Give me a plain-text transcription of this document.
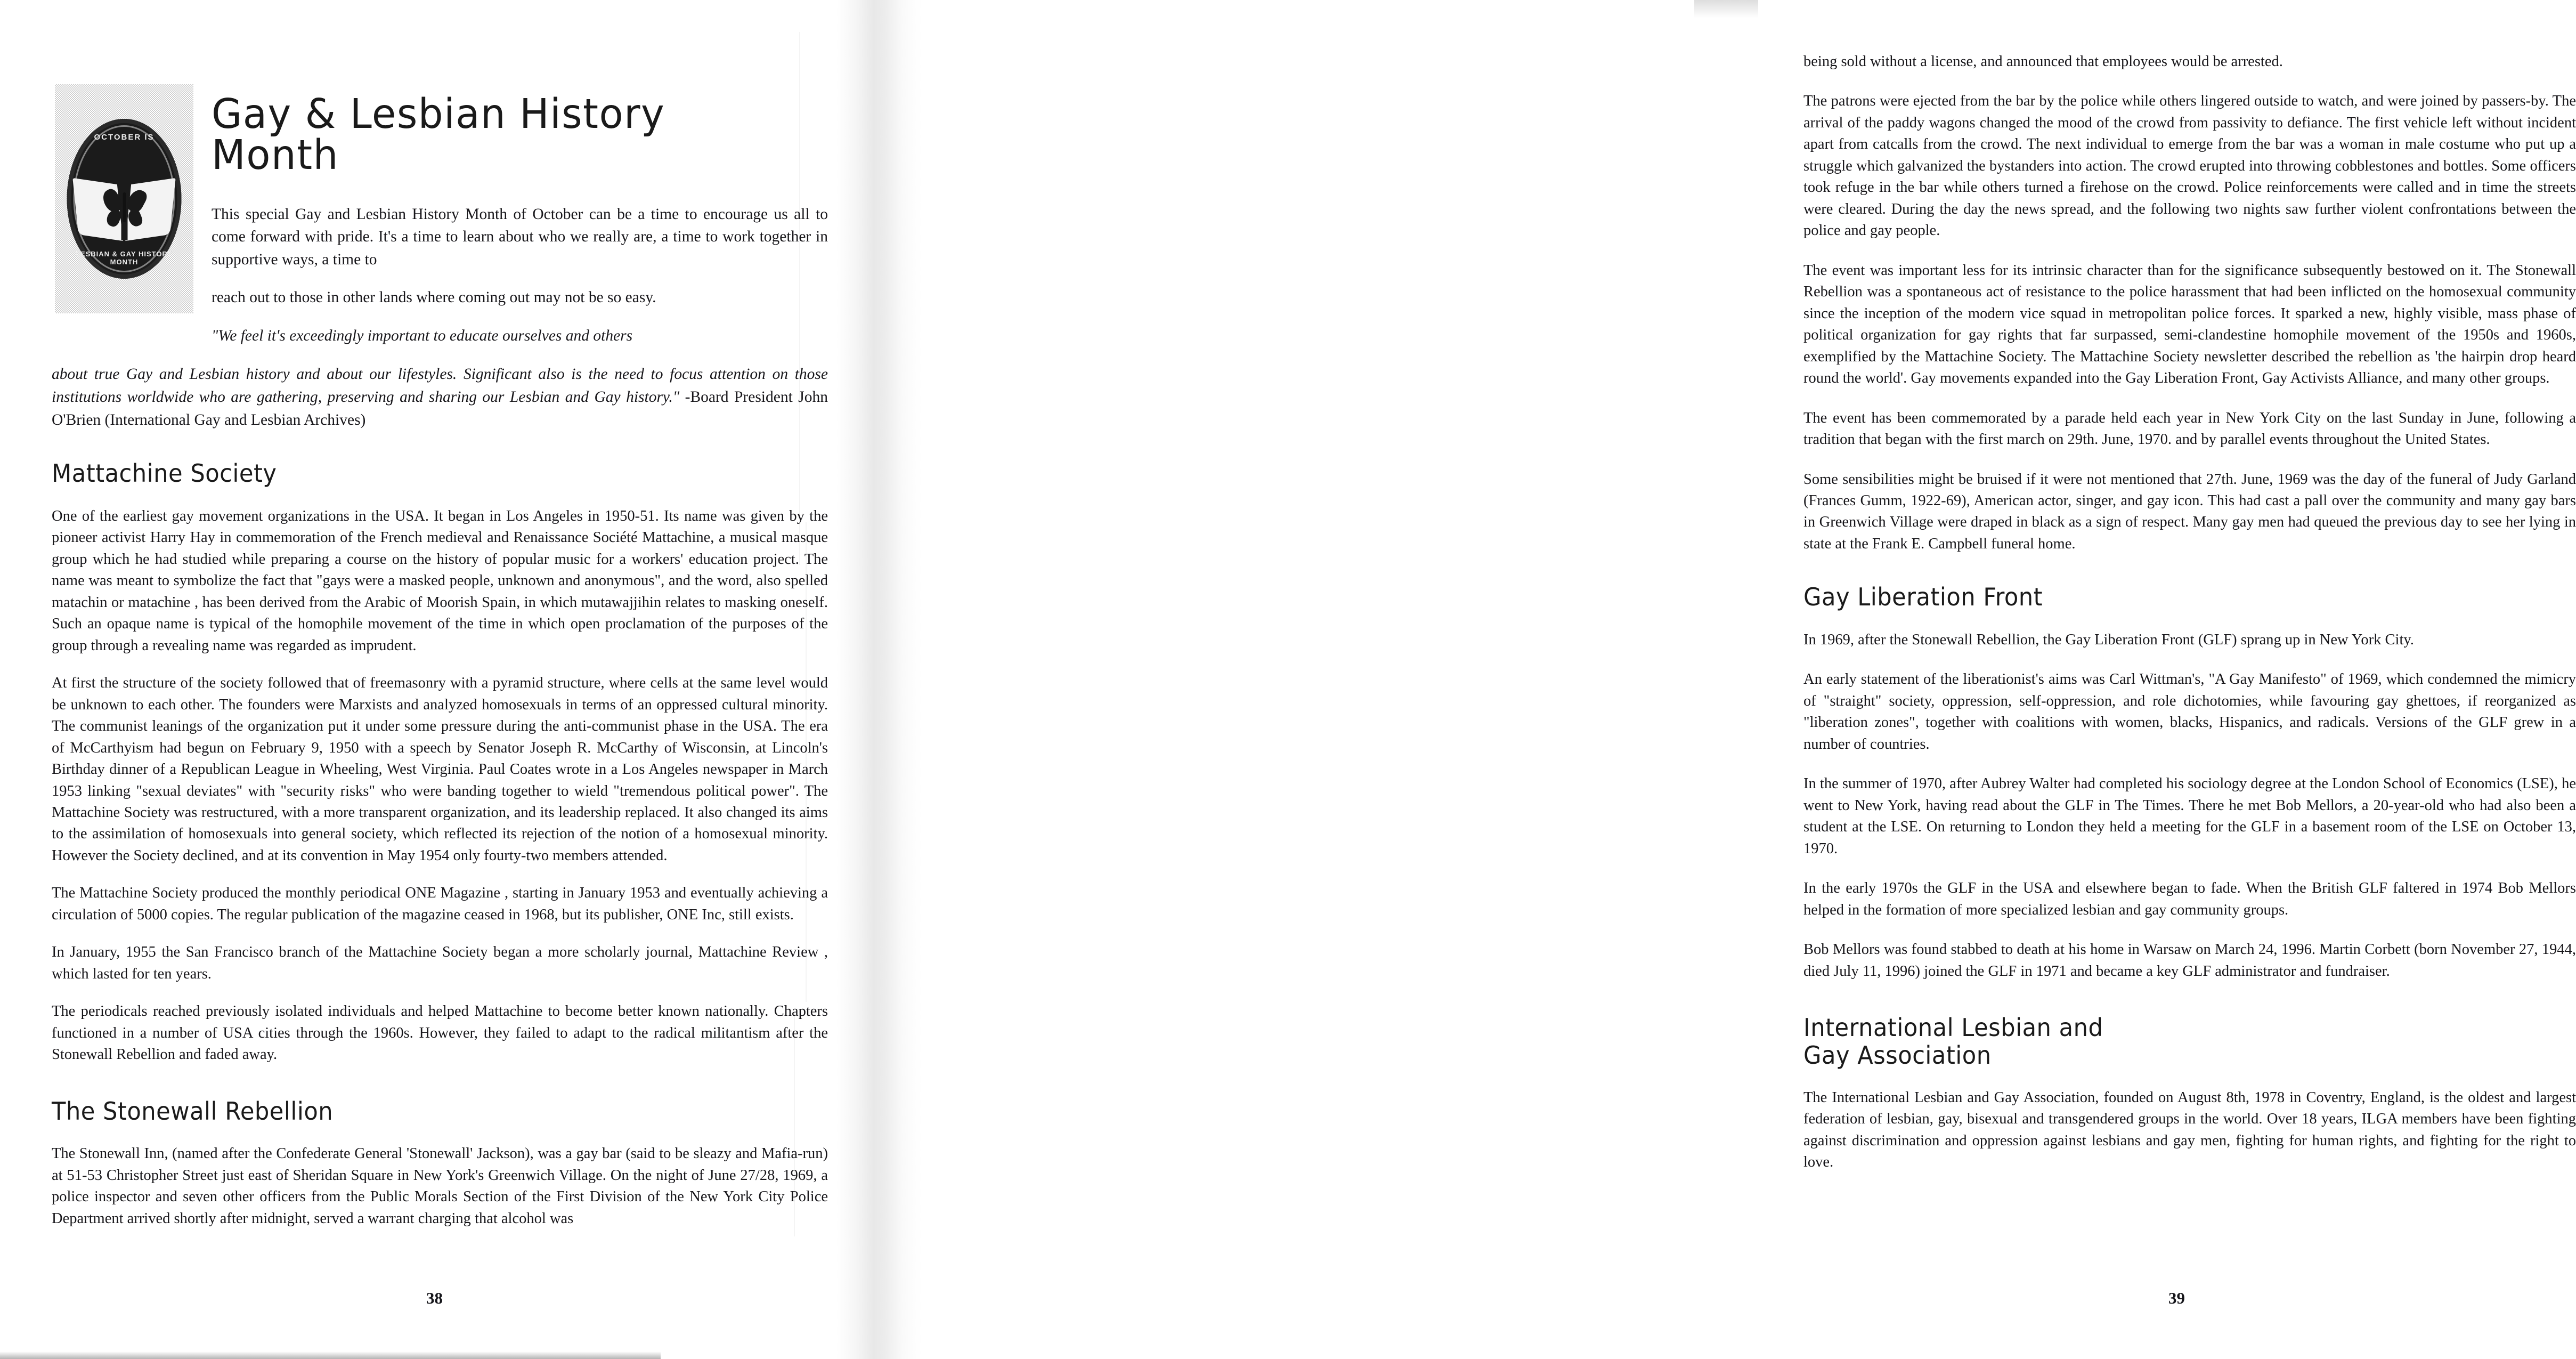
OCTOBER IS
LESBIAN & GAY HISTORY MONTH
Gay & Lesbian History
Month

This special Gay and Lesbian History Month of October can be a time to encourage us all to come forward with pride. It's a time to learn about who we really are, a time to work together in supportive ways, a time to

reach out to those in other lands where coming out may not be so easy.

"We feel it's exceedingly important to educate ourselves and others

about true Gay and Lesbian history and about our lifestyles. Significant also is the need to focus attention on those institutions worldwide who are gathering, preserving and sharing our Lesbian and Gay history." -Board President John O'Brien (International Gay and Lesbian Archives)

Mattachine Society

One of the earliest gay movement organizations in the USA. It began in Los Angeles in 1950-51. Its name was given by the pioneer activist Harry Hay in commemoration of the French medieval and Renaissance Société Mattachine, a musical masque group which he had studied while preparing a course on the history of popular music for a workers' education project. The name was meant to symbolize the fact that "gays were a masked people, unknown and anonymous", and the word, also spelled matachin or matachine , has been derived from the Arabic of Moorish Spain, in which mutawajjihin relates to masking oneself. Such an opaque name is typical of the homophile movement of the time in which open proclamation of the purposes of the group through a revealing name was regarded as imprudent.

At first the structure of the society followed that of freemasonry with a pyramid structure, where cells at the same level would be unknown to each other. The founders were Marxists and analyzed homosexuals in terms of an oppressed cultural minority. The communist leanings of the organization put it under some pressure during the anti-communist phase in the USA. The era of McCarthyism had begun on February 9, 1950 with a speech by Senator Joseph R. McCarthy of Wisconsin, at Lincoln's Birthday dinner of a Republican League in Wheeling, West Virginia. Paul Coates wrote in a Los Angeles newspaper in March 1953 linking "sexual deviates" with "security risks" who were banding together to wield "tremendous political power". The Mattachine Society was restructured, with a more transparent organization, and its leadership replaced. It also changed its aims to the assimilation of homosexuals into general society, which reflected its rejection of the notion of a homosexual minority. However the Society declined, and at its convention in May 1954 only fourty-two members attended.

The Mattachine Society produced the monthly periodical ONE Magazine , starting in January 1953 and eventually achieving a circulation of 5000 copies. The regular publication of the magazine ceased in 1968, but its publisher, ONE Inc, still exists.

In January, 1955 the San Francisco branch of the Mattachine Society began a more scholarly journal, Mattachine Review , which lasted for ten years.

The periodicals reached previously isolated individuals and helped Mattachine to become better known nationally. Chapters functioned in a number of USA cities through the 1960s. However, they failed to adapt to the radical militantism after the Stonewall Rebellion and faded away.

The Stonewall Rebellion

The Stonewall Inn, (named after the Confederate General 'Stonewall' Jackson), was a gay bar (said to be sleazy and Mafia-run) at 51-53 Christopher Street just east of Sheridan Square in New York's Greenwich Village. On the night of June 27/28, 1969, a police inspector and seven other officers from the Public Morals Section of the First Division of the New York City Police Department arrived shortly after midnight, served a warrant charging that alcohol was

38

being sold without a license, and announced that employees would be arrested.

The patrons were ejected from the bar by the police while others lingered outside to watch, and were joined by passers-by. The arrival of the paddy wagons changed the mood of the crowd from passivity to defiance. The first vehicle left without incident apart from catcalls from the crowd. The next individual to emerge from the bar was a woman in male costume who put up a struggle which galvanized the bystanders into action. The crowd erupted into throwing cobblestones and bottles. Some officers took refuge in the bar while others turned a firehose on the crowd. Police reinforcements were called and in time the streets were cleared. During the day the news spread, and the following two nights saw further violent confrontations between the police and gay people.

The event was important less for its intrinsic character than for the significance subsequently bestowed on it. The Stonewall Rebellion was a spontaneous act of resistance to the police harassment that had been inflicted on the homosexual community since the inception of the modern vice squad in metropolitan police forces. It sparked a new, highly visible, mass phase of political organization for gay rights that far surpassed, semi-clandestine homophile movement of the 1950s and 1960s, exemplified by the Mattachine Society. The Mattachine Society newsletter described the rebellion as 'the hairpin drop heard round the world'. Gay movements expanded into the Gay Liberation Front, Gay Activists Alliance, and many other groups.

The event has been commemorated by a parade held each year in New York City on the last Sunday in June, following a tradition that began with the first march on 29th. June, 1970. and by parallel events throughout the United States.

Some sensibilities might be bruised if it were not mentioned that 27th. June, 1969 was the day of the funeral of Judy Garland (Frances Gumm, 1922-69), American actor, singer, and gay icon. This had cast a pall over the community and many gay bars in Greenwich Village were draped in black as a sign of respect. Many gay men had queued the previous day to see her lying in state at the Frank E. Campbell funeral home.

Gay Liberation Front

In 1969, after the Stonewall Rebellion, the Gay Liberation Front (GLF) sprang up in New York City.

An early statement of the liberationist's aims was Carl Wittman's, "A Gay Manifesto" of 1969, which condemned the mimicry of "straight" society, oppression, self-oppression, and role dichotomies, while favouring gay ghettoes, if reorganized as "liberation zones", together with coalitions with women, blacks, Hispanics, and radicals. Versions of the GLF grew in a number of countries.

In the summer of 1970, after Aubrey Walter had completed his sociology degree at the London School of Economics (LSE), he went to New York, having read about the GLF in The Times. There he met Bob Mellors, a 20-year-old who had also been a student at the LSE. On returning to London they held a meeting for the GLF in a basement room of the LSE on October 13, 1970.

In the early 1970s the GLF in the USA and elsewhere began to fade. When the British GLF faltered in 1974 Bob Mellors helped in the formation of more specialized lesbian and gay community groups.

Bob Mellors was found stabbed to death at his home in Warsaw on March 24, 1996. Martin Corbett (born November 27, 1944, died July 11, 1996) joined the GLF in 1971 and became a key GLF administrator and fundraiser.

International Lesbian and
Gay Association

The International Lesbian and Gay Association, founded on August 8th, 1978 in Coventry, England, is the oldest and largest federation of lesbian, gay, bisexual and transgendered groups in the world. Over 18 years, ILGA members have been fighting against discrimination and oppression against lesbians and gay men, fighting for human rights, and fighting for the right to love.

39
